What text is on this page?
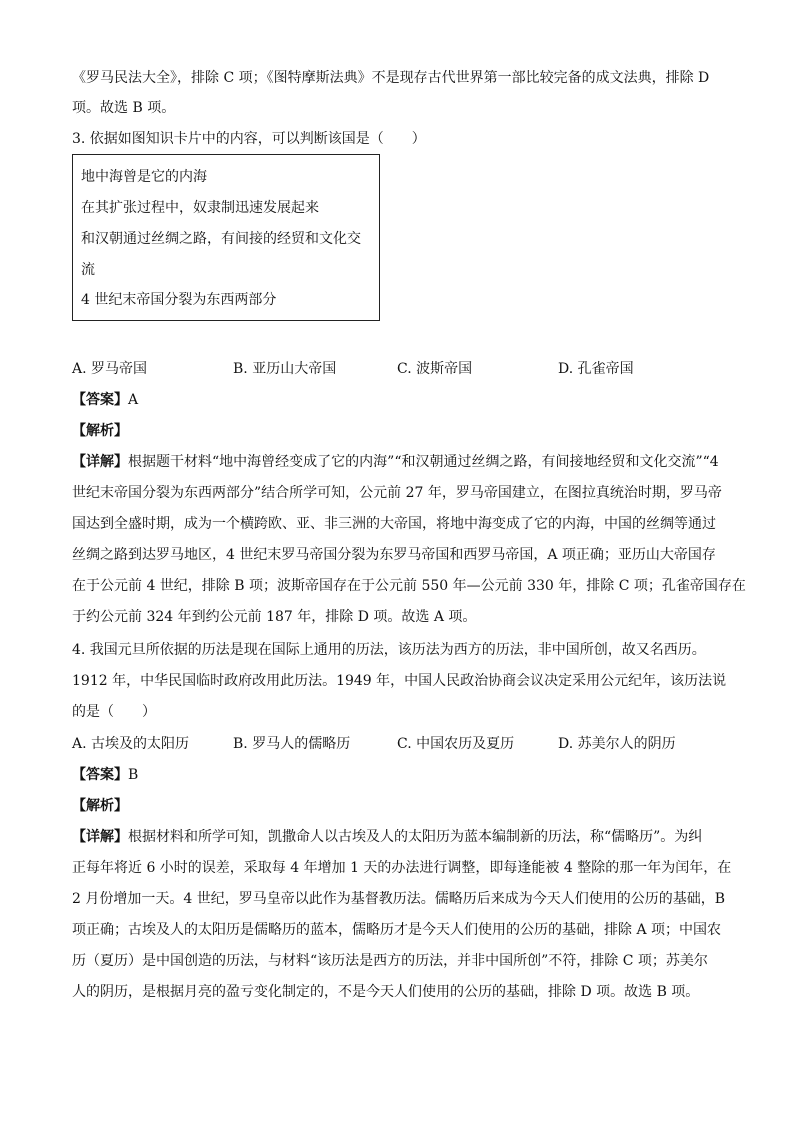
《罗马民法大全》，排除 C 项；《图特摩斯法典》不是现存古代世界第一部比较完备的成文法典，排除 D
项。故选 B 项。
3. 依据如图知识卡片中的内容，可以判断该国是（　　）
地中海曾是它的内海
在其扩张过程中，奴隶制迅速发展起来
和汉朝通过丝绸之路，有间接的经贸和文化交
流
4 世纪末帝国分裂为东西两部分
A. 罗马帝国	B. 亚历山大帝国	C. 波斯帝国	D. 孔雀帝国
【答案】A
【解析】
【详解】根据题干材料“地中海曾经变成了它的内海”“和汉朝通过丝绸之路，有间接地经贸和文化交流”“4
世纪末帝国分裂为东西两部分”结合所学可知，公元前 27 年，罗马帝国建立，在图拉真统治时期，罗马帝
国达到全盛时期，成为一个横跨欧、亚、非三洲的大帝国，将地中海变成了它的内海，中国的丝绸等通过
丝绸之路到达罗马地区，4 世纪末罗马帝国分裂为东罗马帝国和西罗马帝国，A 项正确；亚历山大帝国存
在于公元前 4 世纪，排除 B 项；波斯帝国存在于公元前 550 年—公元前 330 年，排除 C 项；孔雀帝国存在
于约公元前 324 年到约公元前 187 年，排除 D 项。故选 A 项。
4. 我国元旦所依据的历法是现在国际上通用的历法，该历法为西方的历法，非中国所创，故又名西历。
1912 年，中华民国临时政府改用此历法。1949 年，中国人民政治协商会议决定采用公元纪年，该历法说
的是（　　）
A. 古埃及的太阳历	B. 罗马人的儒略历	C. 中国农历及夏历	D. 苏美尔人的阴历
【答案】B
【解析】
【详解】根据材料和所学可知，凯撒命人以古埃及人的太阳历为蓝本编制新的历法，称“儒略历”。为纠
正每年将近 6 小时的误差，采取每 4 年增加 1 天的办法进行调整，即每逢能被 4 整除的那一年为闰年，在
2 月份增加一天。4 世纪，罗马皇帝以此作为基督教历法。儒略历后来成为今天人们使用的公历的基础，B
项正确；古埃及人的太阳历是儒略历的蓝本，儒略历才是今天人们使用的公历的基础，排除 A 项；中国农
历（夏历）是中国创造的历法，与材料“该历法是西方的历法，并非中国所创”不符，排除 C 项；苏美尔
人的阴历，是根据月亮的盈亏变化制定的，不是今天人们使用的公历的基础，排除 D 项。故选 B 项。
